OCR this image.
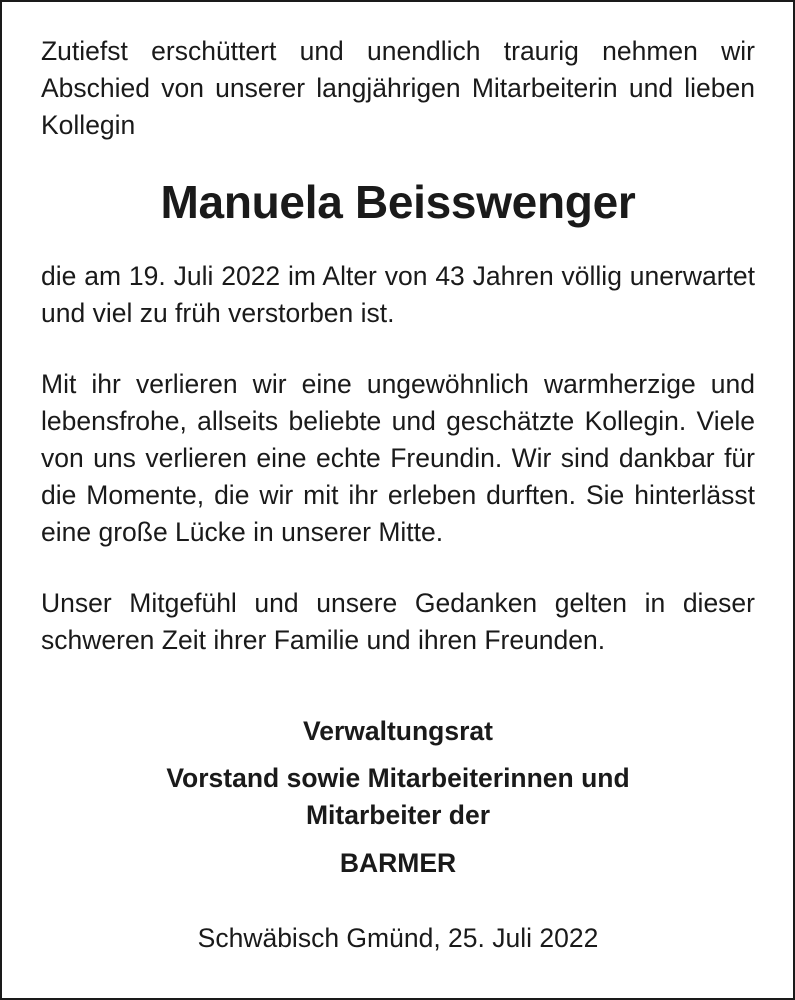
Zutiefst erschüttert und unendlich traurig nehmen wir Abschied von unserer langjährigen Mitarbeiterin und lieben Kollegin

Manuela Beisswenger

die am 19. Juli 2022 im Alter von 43 Jahren völlig unerwartet und viel zu früh verstorben ist.

Mit ihr verlieren wir eine ungewöhnlich warmherzige und lebensfrohe, allseits beliebte und geschätzte Kollegin. Viele von uns verlieren eine echte Freundin. Wir sind dankbar für die Momente, die wir mit ihr erleben durften. Sie hinterlässt eine große Lücke in unserer Mitte.

Unser Mitgefühl und unsere Gedanken gelten in dieser schweren Zeit ihrer Familie und ihren Freunden.

Verwaltungsrat

Vorstand sowie Mitarbeiterinnen und

Mitarbeiter der

BARMER
Schwäbisch Gmünd, 25. Juli 2022
